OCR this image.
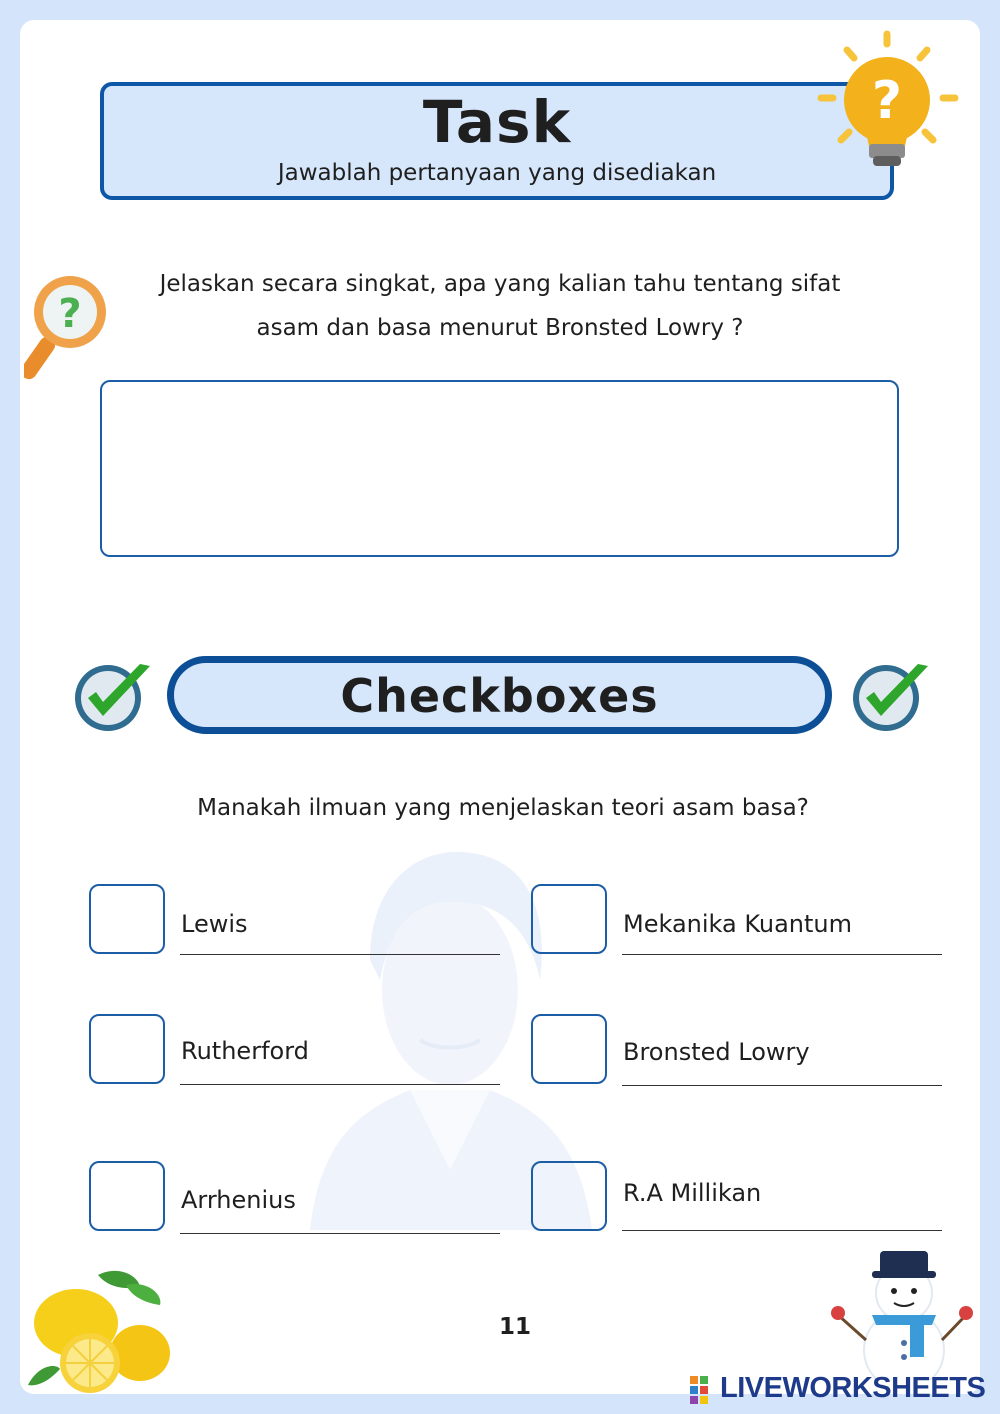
Task
Jawablah pertanyaan yang disediakan
?
?
Jelaskan secara singkat, apa yang kalian tahu tentang sifat
asam dan basa menurut Bronsted Lowry ?
Checkboxes
Manakah ilmuan yang menjelaskan teori asam basa?
Lewis	Mekanika Kuantum
Rutherford	Bronsted Lowry
Arrhenius	R.A Millikan
11
LIVEWORKSHEETS
